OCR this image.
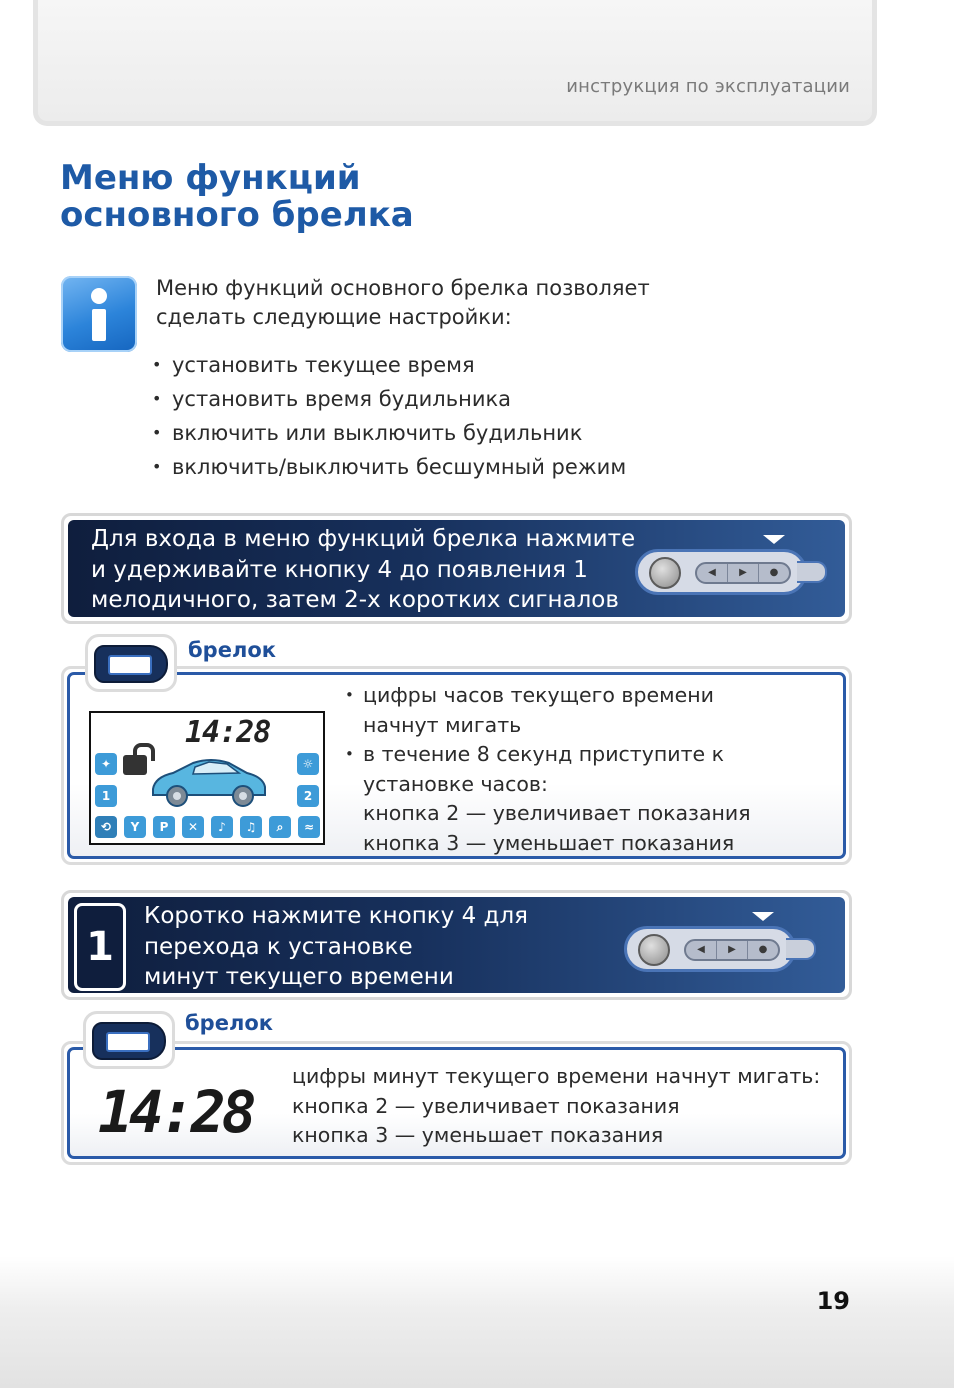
инструкция по эксплуатации
Меню функций
основного брелка

Меню функций основного брелка позволяет
сделать следующие настройки:

• установить текущее время
• установить время будильника
• включить или выключить будильник
• включить/выключить бесшумный режим
Для входа в меню функций брелка нажмите
и удерживайте кнопку 4 до появления 1
мелодичного, затем 2-х коротких сигналов
◀	▶	●
14:28
✦	☼
1	2
⟲	Y	P	✕	♪	♫	⌕	≈
• цифры часов текущего времени
начнут мигать
• в течение 8 секунд приступите к
установке часов:
кнопка 2 — увеличивает показания
кнопка 3 — уменьшает показания
брелок
1
Коротко нажмите кнопку 4 для
перехода к установке
минут текущего времени
◀	▶	●
14:28
цифры минут текущего времени начнут мигать:
кнопка 2 — увеличивает показания
кнопка 3 — уменьшает показания
брелок
19
